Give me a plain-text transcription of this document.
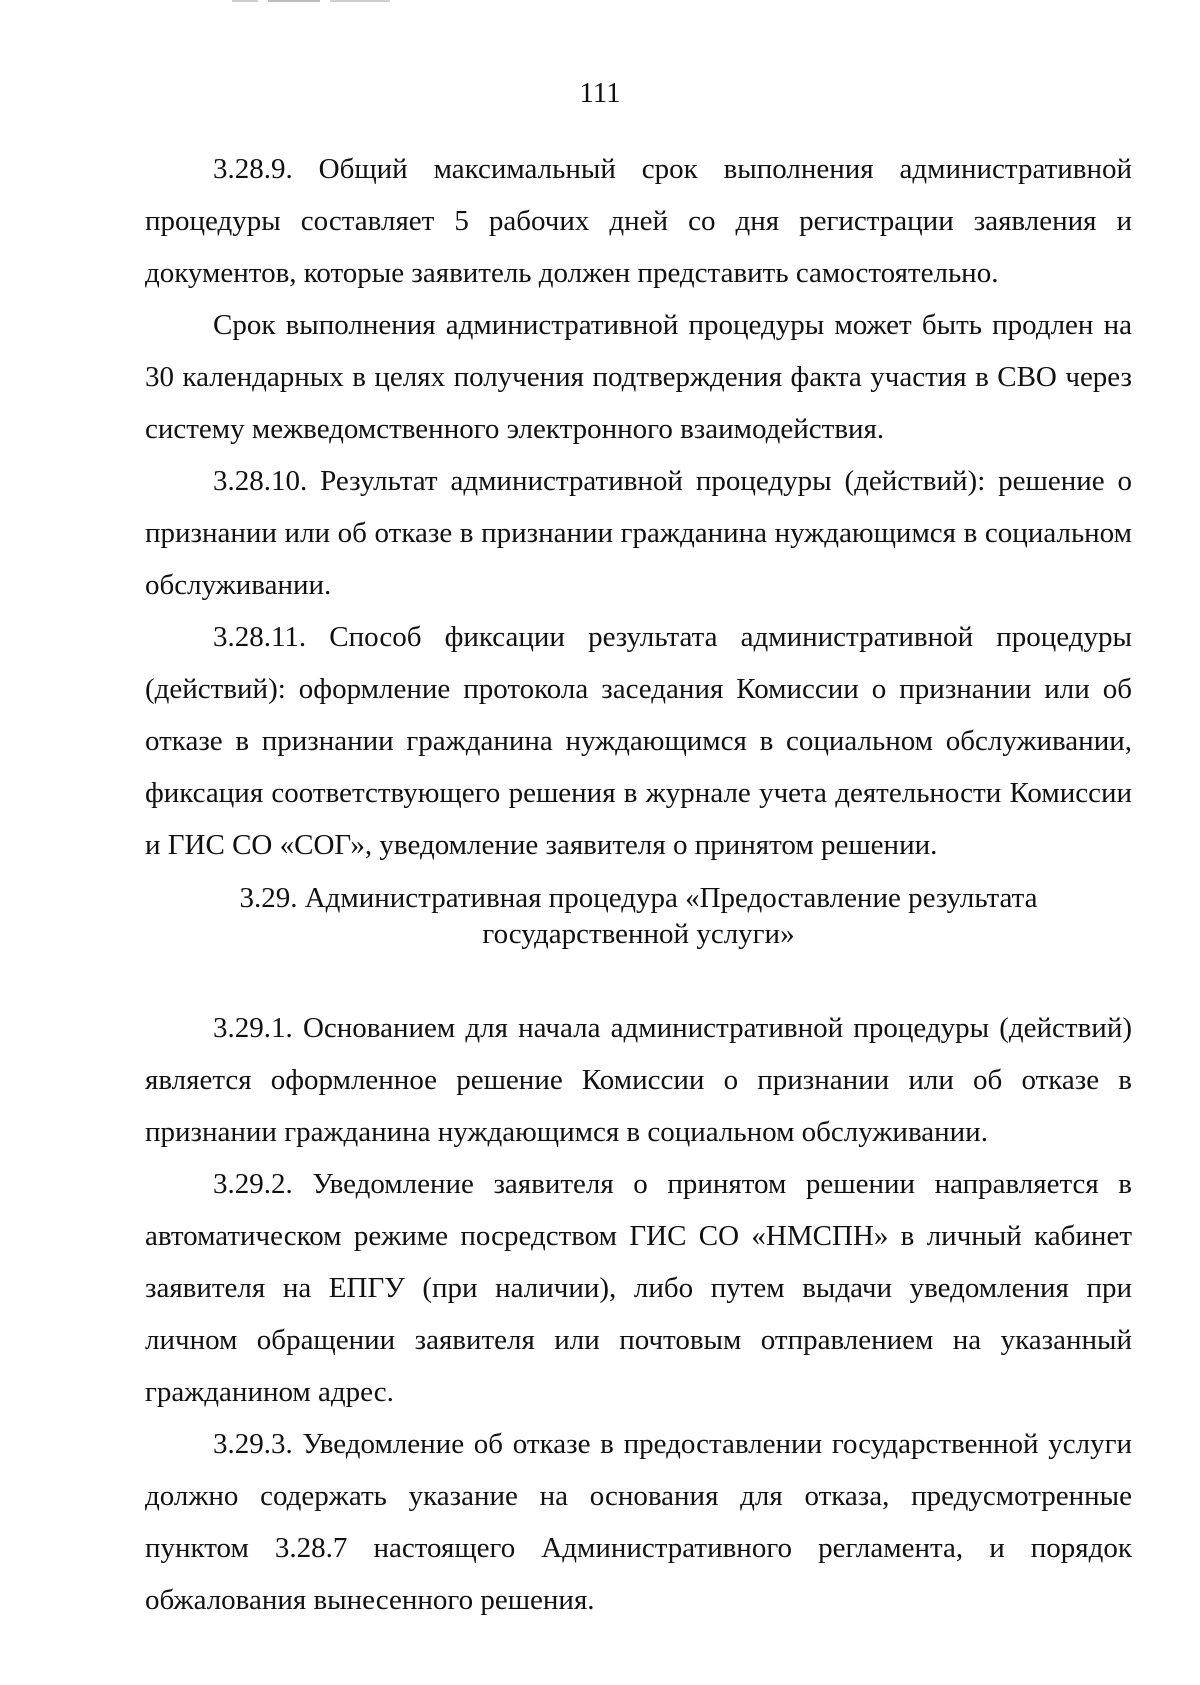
111

3.28.9. Общий максимальный срок выполнения административной процедуры составляет 5 рабочих дней со дня регистрации заявления и документов, которые заявитель должен представить самостоятельно.

Срок выполнения административной процедуры может быть продлен на 30 календарных в целях получения подтверждения факта участия в СВО через систему межведомственного электронного взаимодействия.

3.28.10. Результат административной процедуры (действий): решение о признании или об отказе в признании гражданина нуждающимся в социальном обслуживании.

3.28.11. Способ фиксации результата административной процедуры (действий): оформление протокола заседания Комиссии о признании или об отказе в признании гражданина нуждающимся в социальном обслуживании, фиксация соответствующего решения в журнале учета деятельности Комиссии и ГИС СО «СОГ», уведомление заявителя о принятом решении.

3.29. Административная процедура «Предоставление результата
государственной услуги»

3.29.1. Основанием для начала административной процедуры (действий) является оформленное решение Комиссии о признании или об отказе в признании гражданина нуждающимся в социальном обслуживании.

3.29.2. Уведомление заявителя о принятом решении направляется в автоматическом режиме посредством ГИС СО «НМСПН» в личный кабинет заявителя на ЕПГУ (при наличии), либо путем выдачи уведомления при личном обращении заявителя или почтовым отправлением на указанный гражданином адрес.

3.29.3. Уведомление об отказе в предоставлении государственной услуги должно содержать указание на основания для отказа, предусмотренные пунктом 3.28.7 настоящего Административного регламента, и порядок обжалования вынесенного решения.
